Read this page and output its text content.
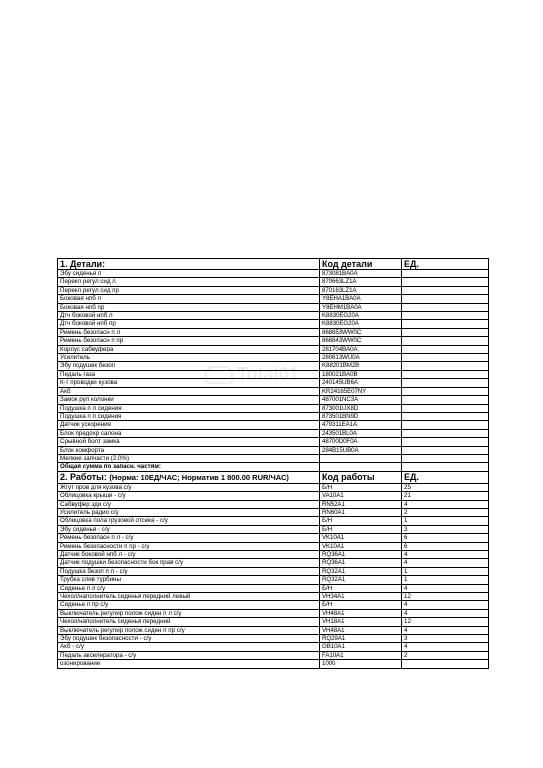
Total01
1. Детали:	Код детали	ЕД.
Эбу сиденья п	873081BA0A	
Перекл регул сид л	870663LZ1A	
Перекл регул сид пр	870163LZ1A	
Боковая нпб л	Y8EHA1BA0A	
Боковая нпб пр	Y8EHM1BA0A	
Дтч боковой нпб л	K8830EG20A	
Дтч боковой нпб пр	K8830EG20A	
Ремень безопасн п л	868853WW0C	
Ремень безопасн п пр	868843WW0C	
Корпус сабвуфера	281704BA0A	
Усилитель	280613WU0A	
Эбу подушек безоп	K88201BM2B	
Педаль газа	180021BA0B	
К-т проводки кузова	240145UB6A	
Акб	KR24165E07NY	
Замок рул колонки	487001NC3A	
Подушка п л сидения	873001UX8D	
Подушка п п сидения	873501BN9D	
Датчик ускорения	479311EA1A	
Блок предохр салона	243501BL0A	
Срывной болт замка	48700D0F0A	
Блок комфорта	284B15UB0A	
Мелкие запчасти (2.0%)		
Общая сумма по запасн. частям:		
2. Работы: (Норма: 10ЕД/ЧАС; Норматив 1 800.00 RUR/ЧАС)	Код работы	ЕД.
Жгут пров для кузова с/у	Б/Н	25
Облицовка крыши - с/у	VA10A1	21
Сабвуфер зди с/у	RN52A1	4
Усилитель радио с/у	RN60A1	2
Облицовка пола грузовой отсека - с/у	Б/Н	1
Эбу сиденья - с/у	Б/Н	3
Ремень безопасн п л - с/у	VK10A1	6
Ремень безопасности п пр - с/у	VK10A1	6
Датчик боковой нпб л - с/у	RQ36A1	4
Датчик подушки безопасности бок прав с/у	RQ36A1	4
Подушка безоп п л - с/у	RQ32A1	1
Трубка слив турбины	RQ32A1	1
Сиденье п л с/у	Б/Н	4
Чехол/наполнитель сиденья передний левый	VH34A1	12
Сиденье п пр с/у	Б/Н	4
Выключатель регулир полож сиден п л с/у	VH48A1	4
Чехол/наполнитель сиденья передний	VH18A1	12
Выключатель регулир полож сиден п пр с/у	VH48A1	4
Эбу подушек безопасности - с/у	RQ29A1	3
Акб - с/у	GB10A1	4
Педаль акселератора - с/у	FA10A1	2
озонирование	1000	
